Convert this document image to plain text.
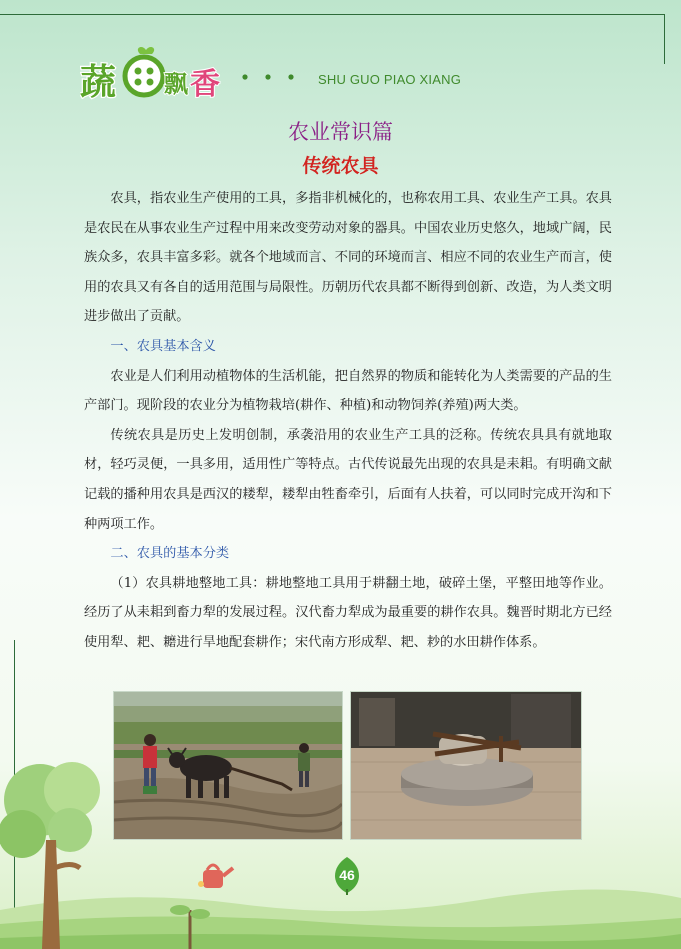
蔬 飘 香	SHU GUO PIAO XIANG
农业常识篇
传统农具

农具，指农业生产使用的工具，多指非机械化的，也称农用工具、农业生产工具。农具是农民在从事农业生产过程中用来改变劳动对象的器具。中国农业历史悠久，地域广阔，民族众多，农具丰富多彩。就各个地域而言、不同的环境而言、相应不同的农业生产而言，使用的农具又有各自的适用范围与局限性。历朝历代农具都不断得到创新、改造，为人类文明进步做出了贡献。

一、农具基本含义

农业是人们利用动植物体的生活机能，把自然界的物质和能转化为人类需要的产品的生产部门。现阶段的农业分为植物栽培(耕作、种植)和动物饲养(养殖)两大类。

传统农具是历史上发明创制，承袭沿用的农业生产工具的泛称。传统农具具有就地取材，轻巧灵便，一具多用，适用性广等特点。古代传说最先出现的农具是耒耜。有明确文献记载的播种用农具是西汉的耧犁，耧犁由牲畜牵引，后面有人扶着，可以同时完成开沟和下种两项工作。

二、农具的基本分类

（1）农具耕地整地工具：耕地整地工具用于耕翻土地，破碎土堡，平整田地等作业。经历了从耒耜到畜力犁的发展过程。汉代畜力犁成为最重要的耕作农具。魏晋时期北方已经使用犁、耙、耱进行旱地配套耕作；宋代南方形成犁、耙、耖的水田耕作体系。

46
